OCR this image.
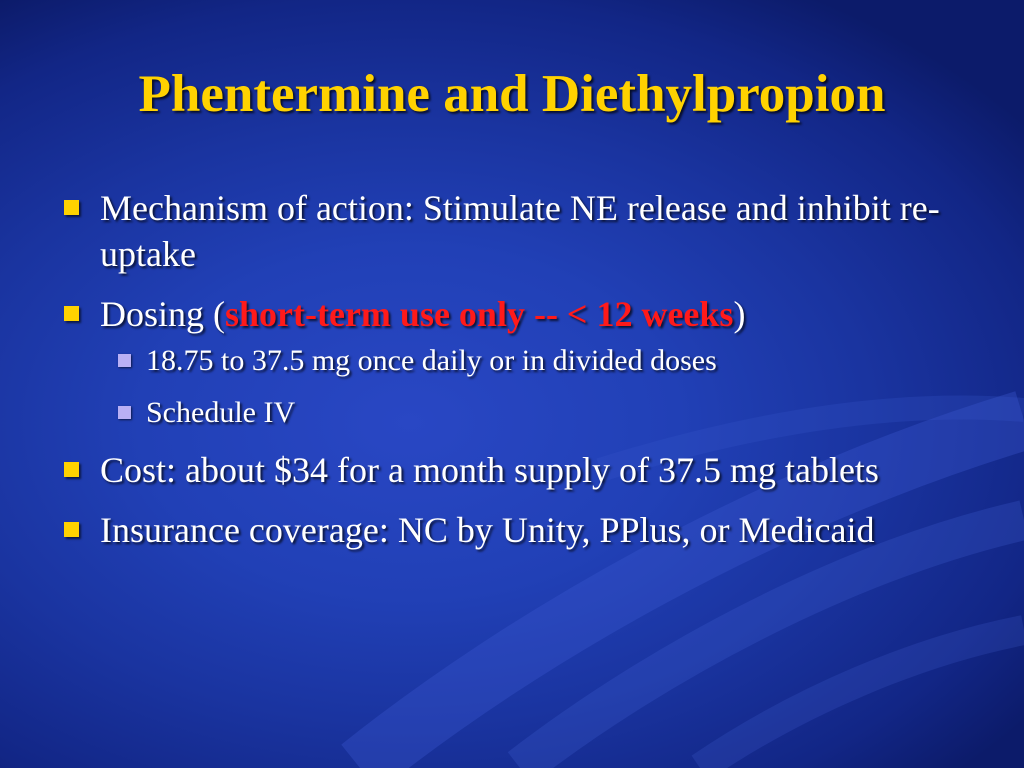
Phentermine and Diethylpropion
Mechanism of action: Stimulate NE release and inhibit re-uptake
Dosing (short-term use only -- < 12 weeks)
18.75 to 37.5 mg once daily or in divided doses
Schedule IV
Cost: about $34 for a month supply of 37.5 mg tablets
Insurance coverage: NC by Unity, PPlus, or Medicaid
